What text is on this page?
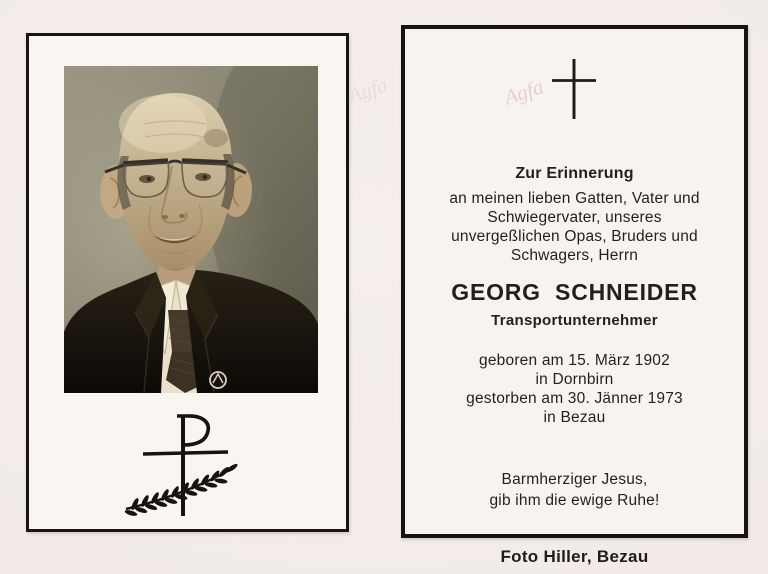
Zur Erinnerung
an meinen lieben Gatten, Vater und
Schwiegervater, unseres
unvergeßlichen Opas, Bruders und
Schwagers, Herrn
GEORG SCHNEIDER
Transportunternehmer
geboren am 15. März 1902
in Dornbirn
gestorben am 30. Jänner 1973
in Bezau
Barmherziger Jesus,
gib ihm die ewige Ruhe!
Foto Hiller, Bezau
Agfa
Agfa
